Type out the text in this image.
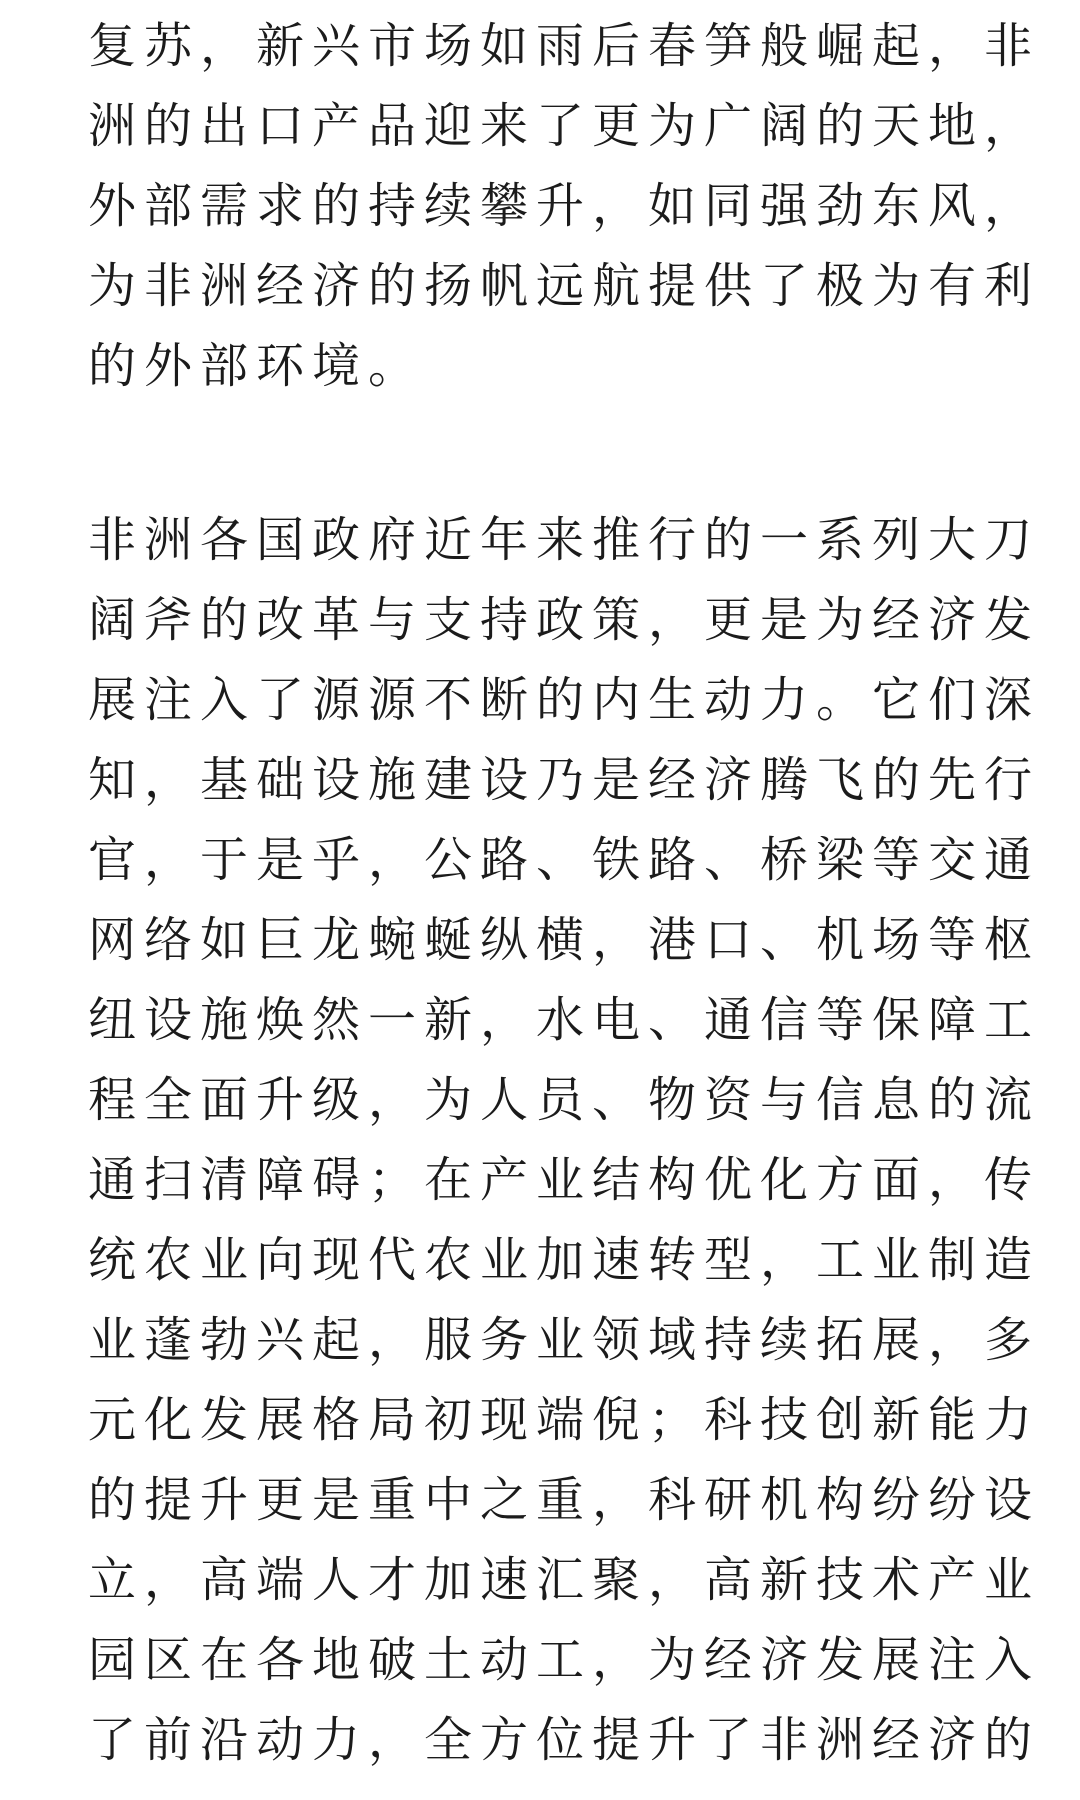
复苏，新兴市场如雨后春笋般崛起，非
洲的出口产品迎来了更为广阔的天地，
外部需求的持续攀升，如同强劲东风，
为非洲经济的扬帆远航提供了极为有利
的外部环境。

非洲各国政府近年来推行的一系列大刀
阔斧的改革与支持政策，更是为经济发
展注入了源源不断的内生动力。它们深
知，基础设施建设乃是经济腾飞的先行
官，于是乎，公路、铁路、桥梁等交通
网络如巨龙蜿蜒纵横，港口、机场等枢
纽设施焕然一新，水电、通信等保障工
程全面升级，为人员、物资与信息的流
通扫清障碍；在产业结构优化方面，传
统农业向现代农业加速转型，工业制造
业蓬勃兴起，服务业领域持续拓展，多
元化发展格局初现端倪；科技创新能力
的提升更是重中之重，科研机构纷纷设
立，高端人才加速汇聚，高新技术产业
园区在各地破土动工，为经济发展注入
了前沿动力，全方位提升了非洲经济的
